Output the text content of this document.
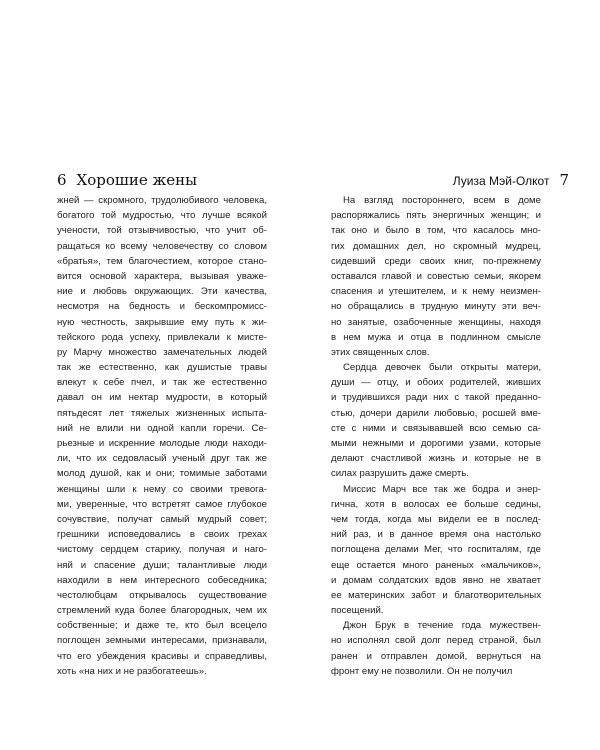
6 Хорошие жены
жней — скромного, трудолюбивого человека,
богатого той мудростью, что лучше всякой
учености, той отзывчивостью, что учит об-
ращаться ко всему человечеству со словом
«братья», тем благочестием, которое стано-
вится основой характера, вызывая уваже-
ние и любовь окружающих. Эти качества,
несмотря на бедность и бескомпромисс-
ную честность, закрывшие ему путь к жи-
тейского рода успеху, привлекали к мисте-
ру Марчу множество замечательных людей
так же естественно, как душистые травы
влекут к себе пчел, и так же естественно
давал он им нектар мудрости, в который
пятьдесят лет тяжелых жизненных испыта-
ний не влили ни одной капли горечи. Се-
рьезные и искренние молодые люди находи-
ли, что их седовласый ученый друг так же
молод душой, как и они; томимые заботами
женщины шли к нему со своими тревога-
ми, уверенные, что встретят самое глубокое
сочувствие, получат самый мудрый совет;
грешники исповедовались в своих грехах
чистому сердцем старику, получая и наго-
няй и спасение души; талантливые люди
находили в нем интересного собеседника;
честолюбцам открывалось существование
стремлений куда более благородных, чем их
собственные; и даже те, кто был всецело
поглощен земными интересами, признавали,
что его убеждения красивы и справедливы,
хоть «на них и не разбогатеешь».
Луиза Мэй-Олкот 7
На взгляд постороннего, всем в доме
распоряжались пять энергичных женщин; и
так оно и было в том, что касалось мно-
гих домашних дел, но скромный мудрец,
сидевший среди своих книг, по-прежнему
оставался главой и совестью семьи, якорем
спасения и утешителем, и к нему неизмен-
но обращались в трудную минуту эти веч-
но занятые, озабоченные женщины, находя
в нем мужа и отца в подлинном смысле
этих священных слов.
Сердца девочек были открыты матери,
души — отцу, и обоих родителей, живших
и трудившихся ради них с такой преданно-
стью, дочери дарили любовью, росшей вме-
сте с ними и связывавшей всю семью са-
мыми нежными и дорогими узами, которые
делают счастливой жизнь и которые не в
силах разрушить даже смерть.
Миссис Марч все так же бодра и энер-
гична, хотя в волосах ее больше седины,
чем тогда, когда мы видели ее в послед-
ний раз, и в данное время она настолько
поглощена делами Мег, что госпиталям, где
еще остается много раненых «мальчиков»,
и домам солдатских вдов явно не хватает
ее материнских забот и благотворительных
посещений.
Джон Брук в течение года мужествен-
но исполнял свой долг перед страной, был
ранен и отправлен домой, вернуться на
фронт ему не позволили. Он не получил
